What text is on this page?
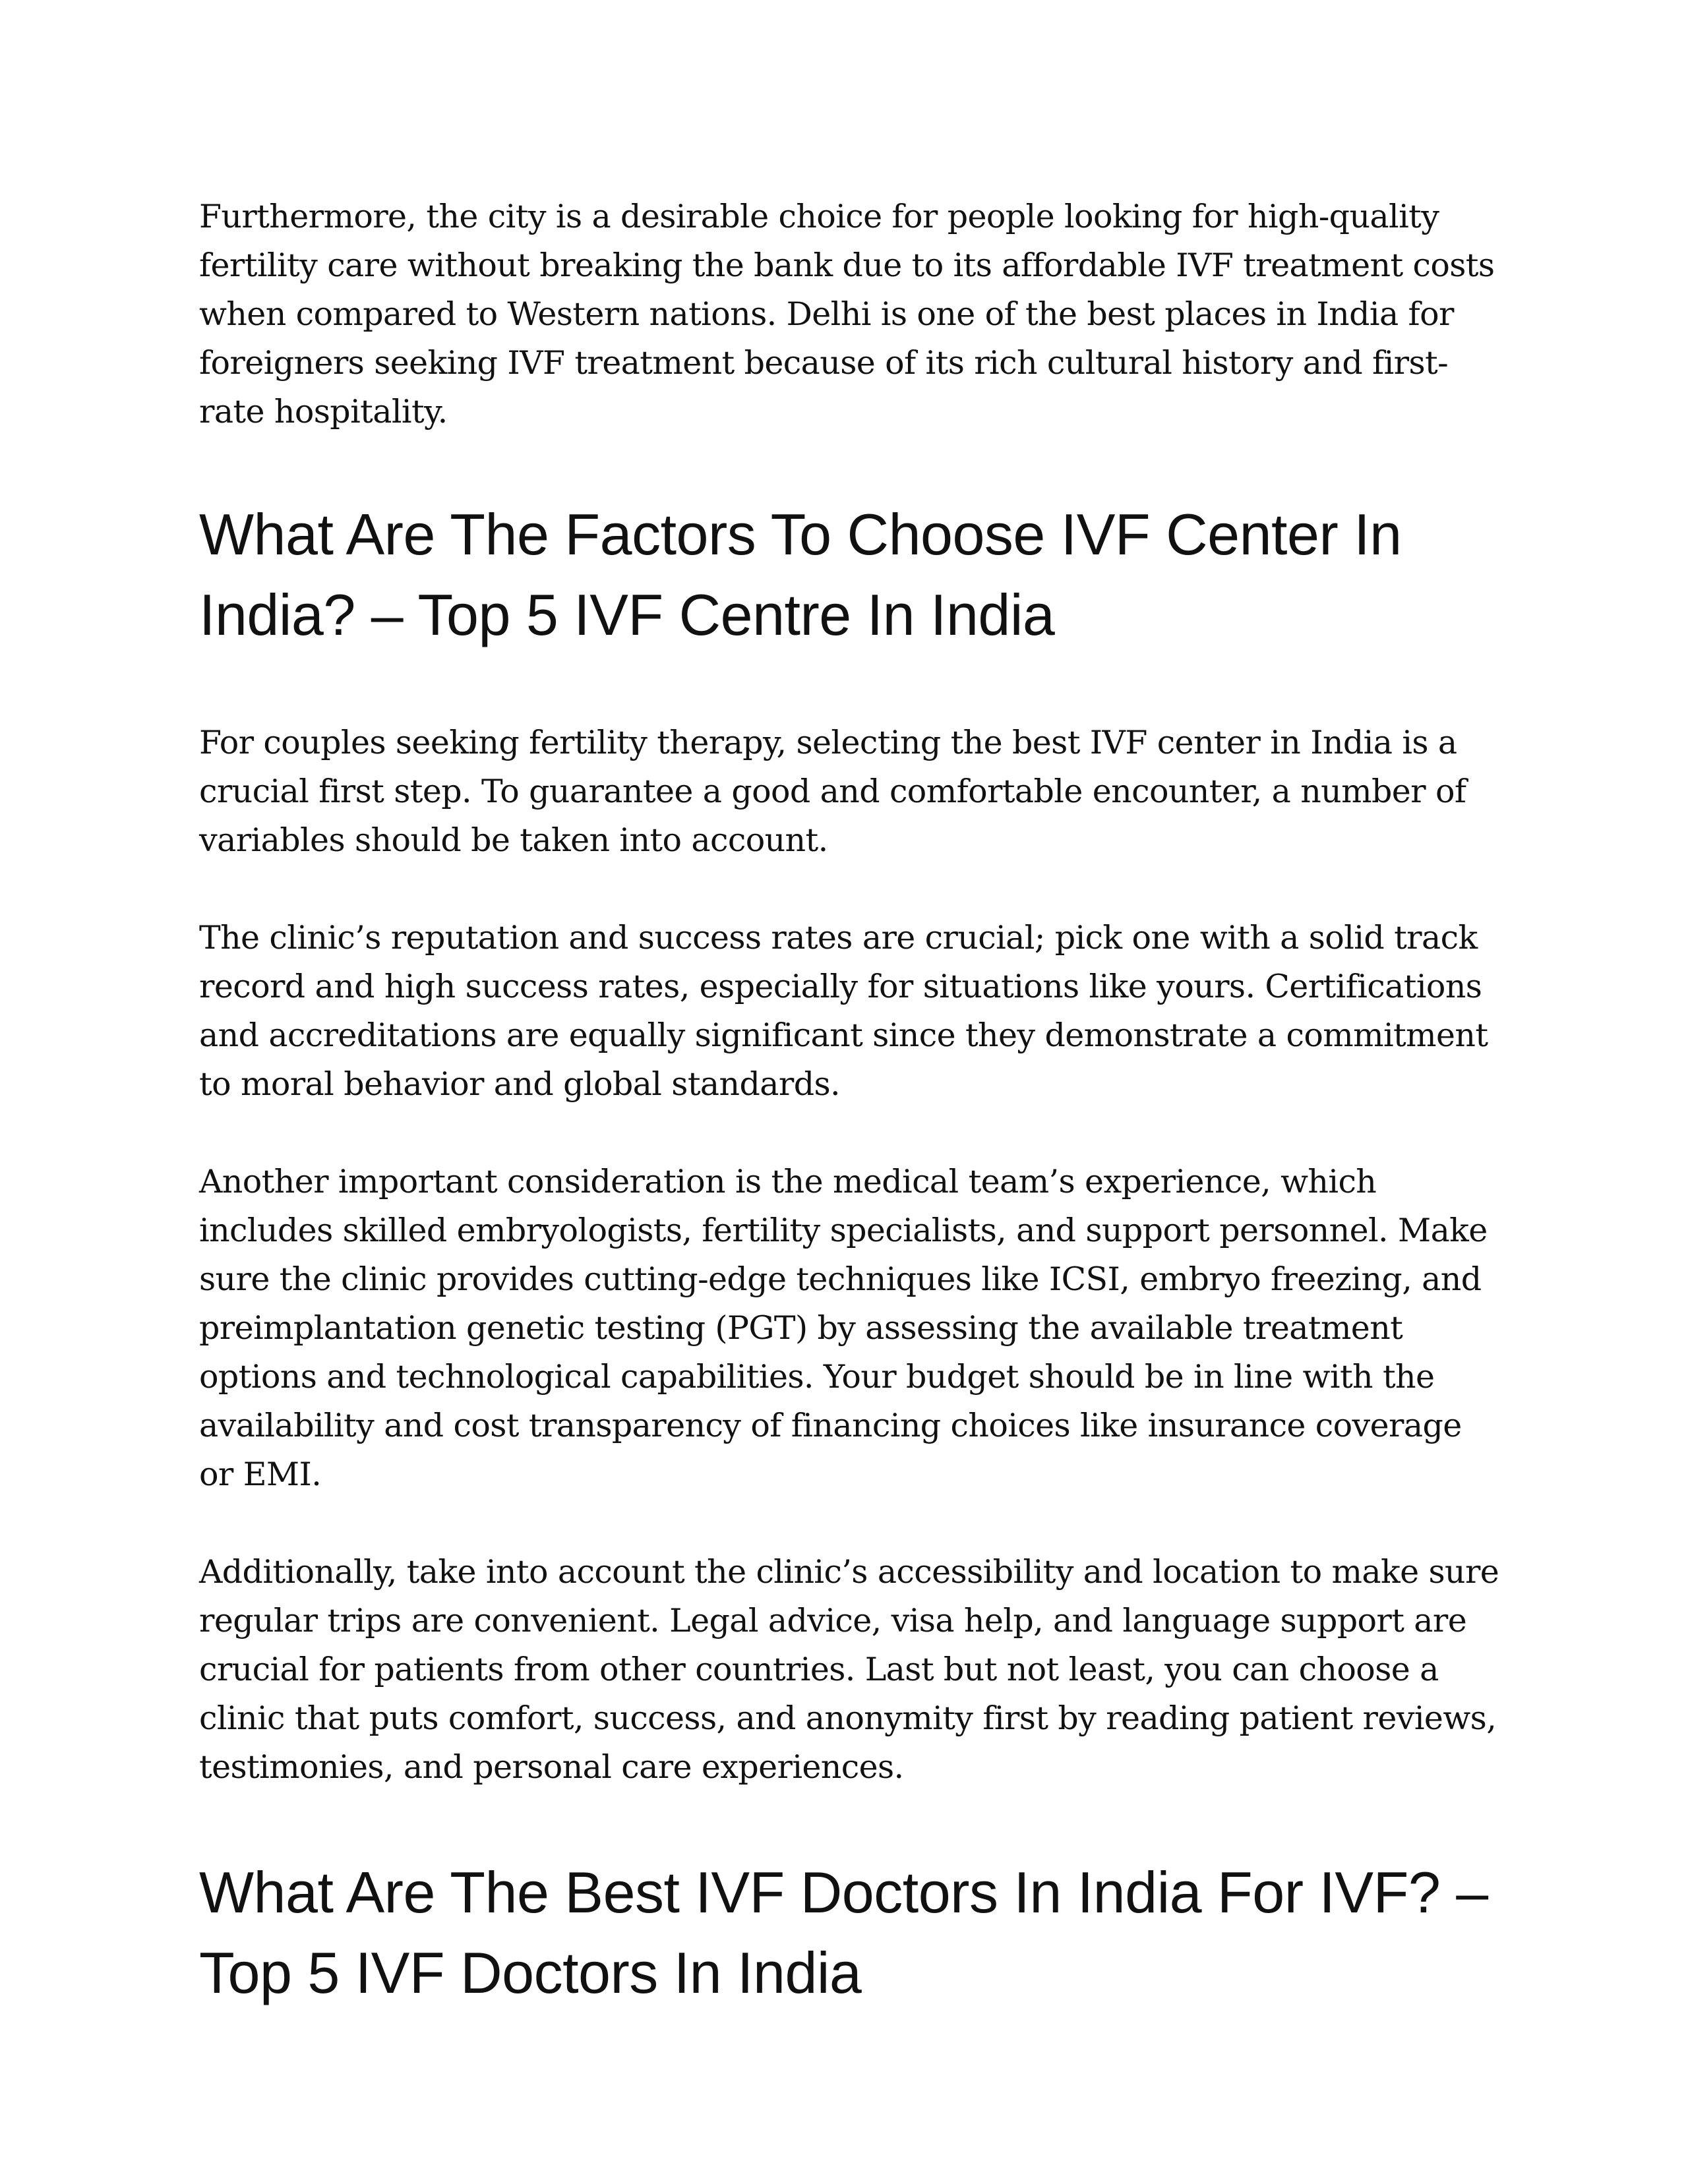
Furthermore, the city is a desirable choice for people looking for high-quality fertility care without breaking the bank due to its affordable IVF treatment costs when compared to Western nations. Delhi is one of the best places in India for foreigners seeking IVF treatment because of its rich cultural history and first-rate hospitality.

What Are The Factors To Choose IVF Center In India? – Top 5 IVF Centre In India

For couples seeking fertility therapy, selecting the best IVF center in India is a crucial first step. To guarantee a good and comfortable encounter, a number of variables should be taken into account.

The clinic’s reputation and success rates are crucial; pick one with a solid track record and high success rates, especially for situations like yours. Certifications and accreditations are equally significant since they demonstrate a commitment to moral behavior and global standards.

Another important consideration is the medical team’s experience, which includes skilled embryologists, fertility specialists, and support personnel. Make sure the clinic provides cutting-edge techniques like ICSI, embryo freezing, and preimplantation genetic testing (PGT) by assessing the available treatment options and technological capabilities. Your budget should be in line with the availability and cost transparency of financing choices like insurance coverage or EMI.

Additionally, take into account the clinic’s accessibility and location to make sure regular trips are convenient. Legal advice, visa help, and language support are crucial for patients from other countries. Last but not least, you can choose a clinic that puts comfort, success, and anonymity first by reading patient reviews, testimonies, and personal care experiences.

What Are The Best IVF Doctors In India For IVF? – Top 5 IVF Doctors In India
